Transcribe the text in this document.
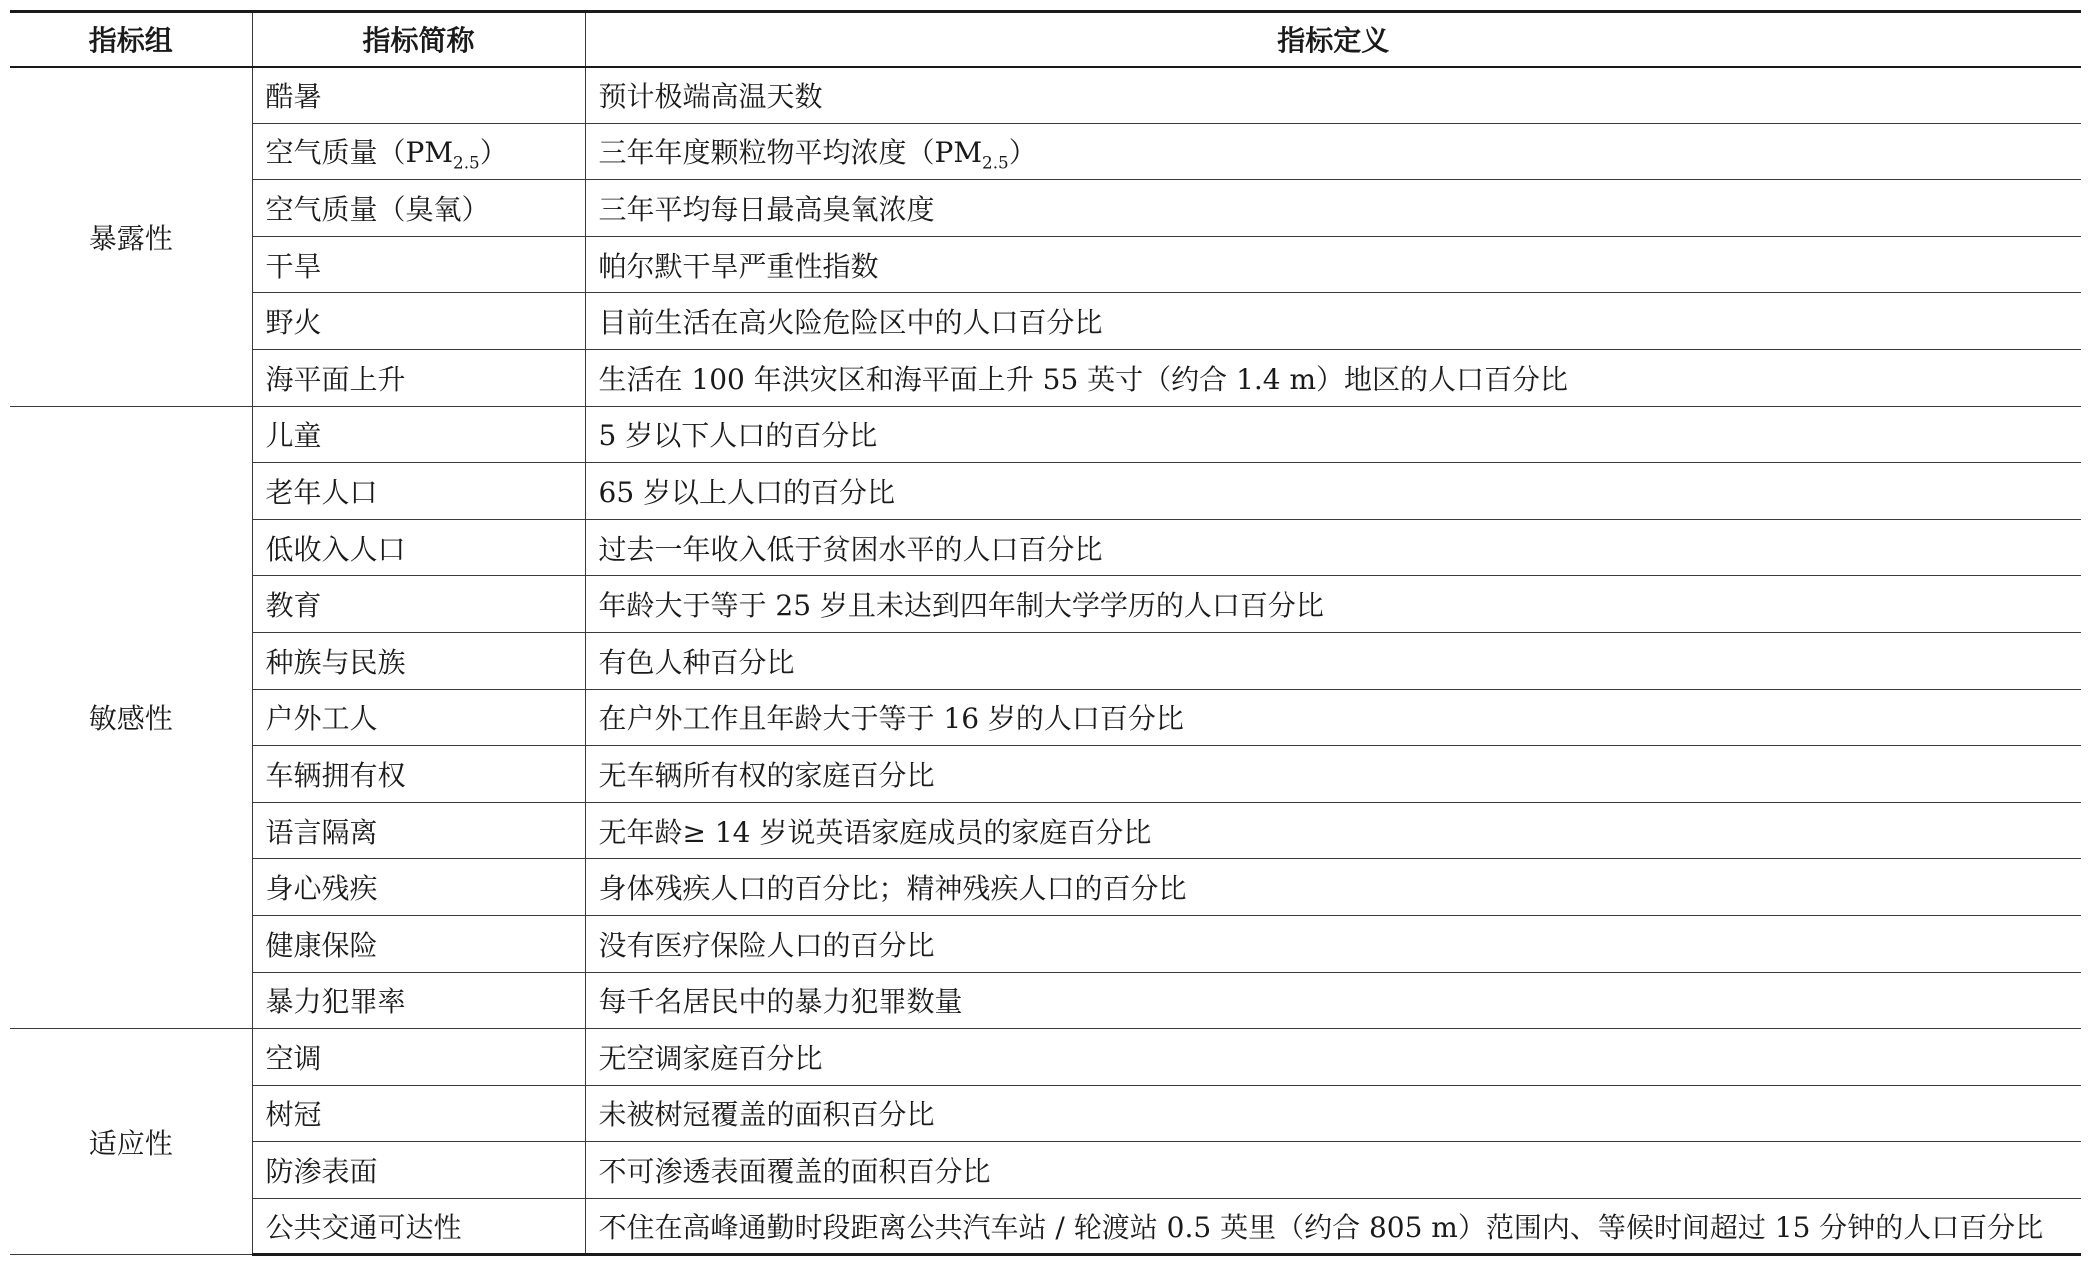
指标组	指标简称	指标定义
暴露性	酷暑	预计极端高温天数
	空气质量$(PM_{2.5})$	三年年度颗粒物平均浓度$(PM_{2.5})$
	空气质量（臭氧）	三年平均每日最高臭氧浓度
	干旱	帕尔默干旱严重性指数
	野火	目前生活在高火险危险区中的人口百分比
	海平面上升	生活在 100 年洪灾区和海平面上升 55 英寸（约合 1.4 m）地区的人口百分比
敏感性	儿童	5 岁以下人口的百分比
	老年人口	65 岁以上人口的百分比
	低收入人口	过去一年收入低于贫困水平的人口百分比
	教育	年龄大于等于 25 岁且未达到四年制大学学历的人口百分比
	种族与民族	有色人种百分比
	户外工人	在户外工作且年龄大于等于 16 岁的人口百分比
	车辆拥有权	无车辆所有权的家庭百分比
	语言隔离	无年龄≥ 14 岁说英语家庭成员的家庭百分比
	身心残疾	身体残疾人口的百分比；精神残疾人口的百分比
	健康保险	没有医疗保险人口的百分比
	暴力犯罪率	每千名居民中的暴力犯罪数量
适应性	空调	无空调家庭百分比
	树冠	未被树冠覆盖的面积百分比
	防渗表面	不可渗透表面覆盖的面积百分比
	公共交通可达性	不住在高峰通勤时段距离公共汽车站 / 轮渡站 0.5 英里（约合 805 m）范围内、等候时间超过 15 分钟的人口百分比
